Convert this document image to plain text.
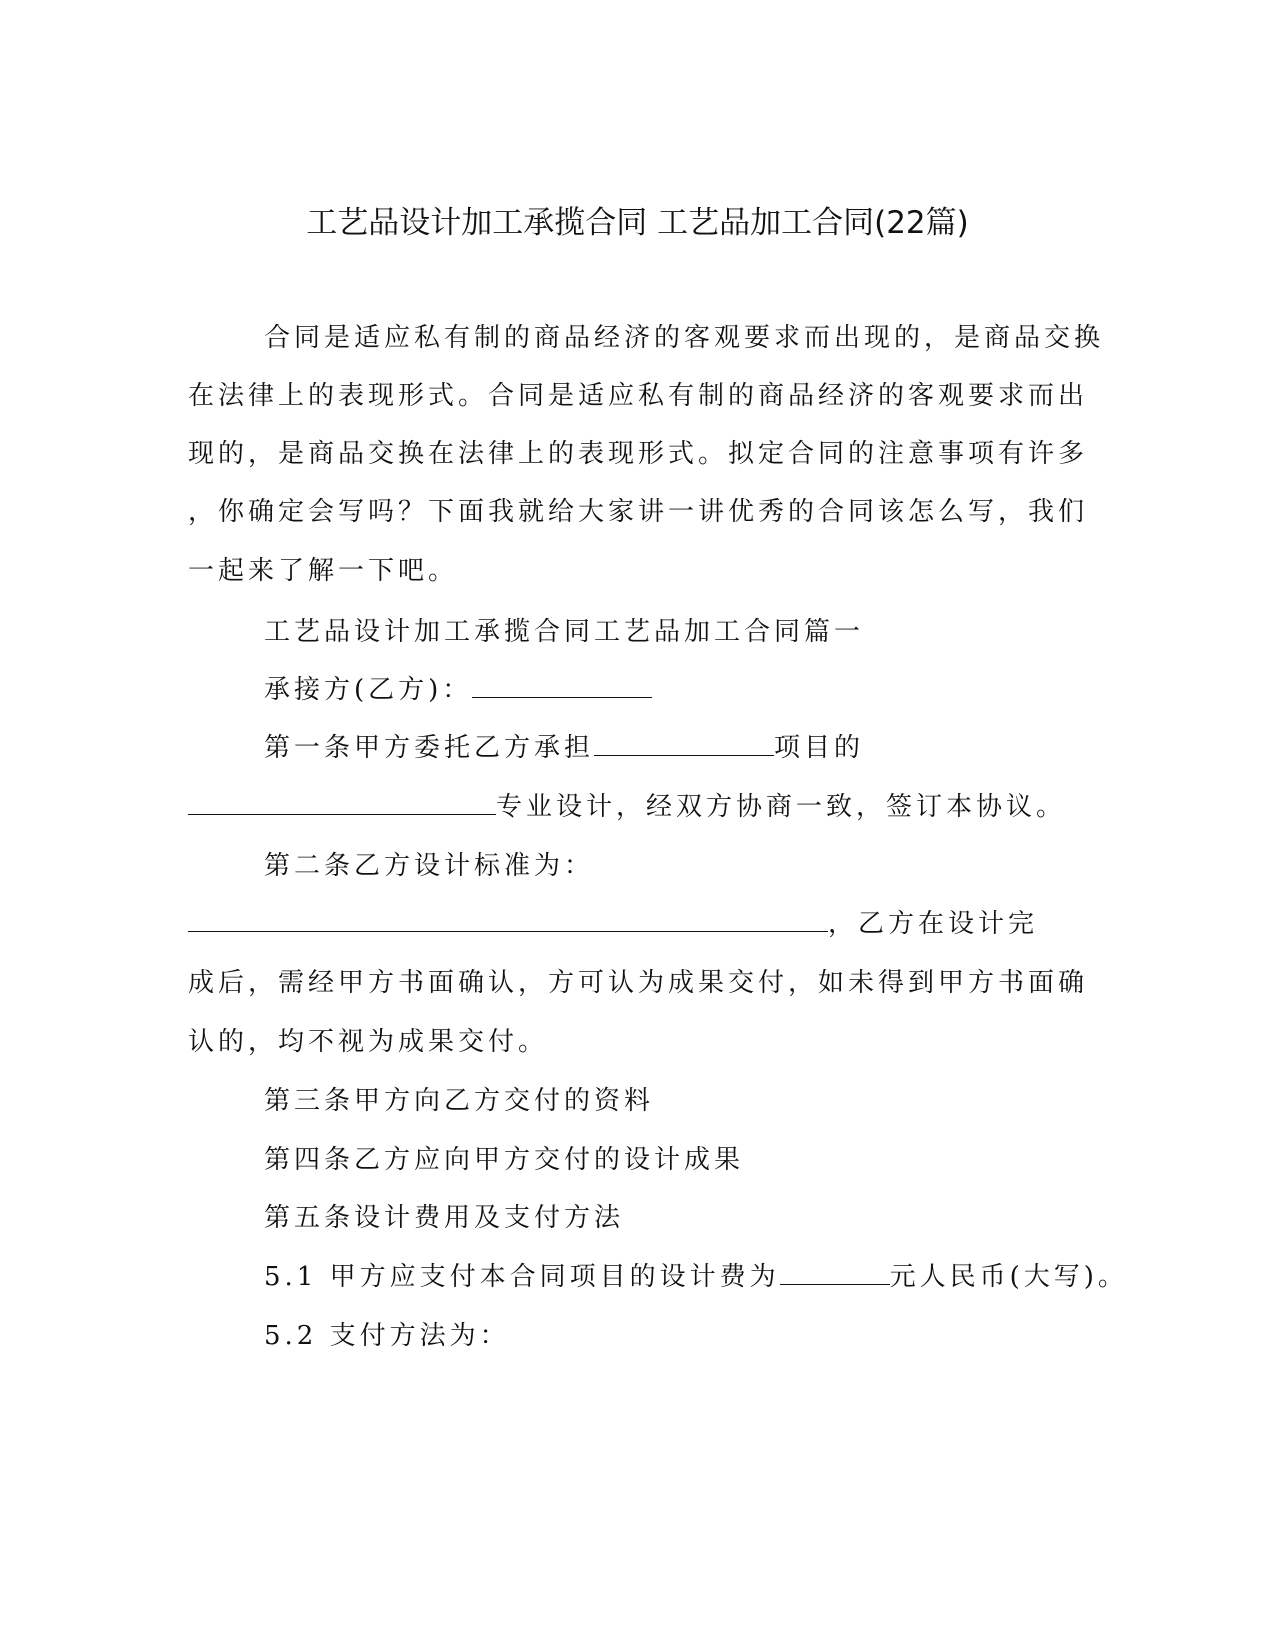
工艺品设计加工承揽合同 工艺品加工合同(22篇)

合同是适应私有制的商品经济的客观要求而出现的，是商品交换

在法律上的表现形式。合同是适应私有制的商品经济的客观要求而出

现的，是商品交换在法律上的表现形式。拟定合同的注意事项有许多

，你确定会写吗？下面我就给大家讲一讲优秀的合同该怎么写，我们

一起来了解一下吧。

工艺品设计加工承揽合同工艺品加工合同篇一

承接方(乙方)：

第一条甲方委托乙方承担	项目的

专业设计，经双方协商一致，签订本协议。

第二条乙方设计标准为：

，乙方在设计完

成后，需经甲方书面确认，方可认为成果交付，如未得到甲方书面确

认的，均不视为成果交付。

第三条甲方向乙方交付的资料

第四条乙方应向甲方交付的设计成果

第五条设计费用及支付方法

5.1 甲方应支付本合同项目的设计费为	元人民币(大写)。

5.2 支付方法为：
